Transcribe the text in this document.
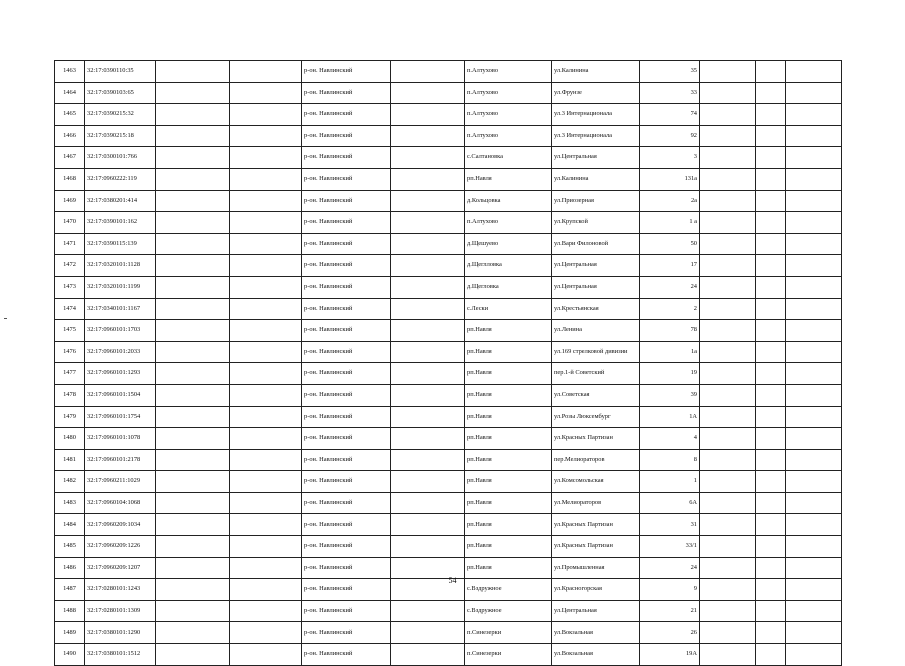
1463	32:17:0390110:35			р-он. Навлинский		п.Алтухово	ул.Калинина	35			
1464	32:17:0390103:65			р-он. Навлинский		п.Алтухово	ул.Фрунзе	33			
1465	32:17:0390215:32			р-он. Навлинский		п.Алтухово	ул.3 Интернационала	74			
1466	32:17:0390215:18			р-он. Навлинский		п.Алтухово	ул.3 Интернационала	92			
1467	32:17:0300101:766			р-он. Навлинский		с.Салтановка	ул.Центральная	3			
1468	32:17:0960222:119			р-он. Навлинский		рп.Навля	ул.Калинина	131а			
1469	32:17:0380201:414			р-он. Навлинский		д.Кольцовка	ул.Приозерная	2а			
1470	32:17:0390101:162			р-он. Навлинский		п.Алтухово	ул.Крупской	1 а			
1471	32:17:0390115:139			р-он. Навлинский		д.Щешуево	ул.Вари Филоновой	50			
1472	32:17:0320101:1128			р-он. Навлинский		д.Щеглловка	ул.Центральная	17			
1473	32:17:0320101:1199			р-он. Навлинский		д.Щегловка	ул.Центральная	24			
1474	32:17:0340101:1167			р-он. Навлинский		с.Лески	ул.Крестьянская	2			
1475	32:17:0960101:1703			р-он. Навлинский		рп.Навля	ул.Ленина	78			
1476	32:17:0960101:2033			р-он. Навлинский		рп.Навля	ул.169 стрелковой дивизии	1а			
1477	32:17:0960101:1293			р-он. Навлинский		рп.Навля	пер.1-й Советский	19			
1478	32:17:0960101:1504			р-он. Навлинский		рп.Навля	ул.Советская	39			
1479	32:17:0960101:1754			р-он. Навлинский		рп.Навля	ул.Розы Люксембург	1А			
1480	32:17:0960101:1078			р-он. Навлинский		рп.Навля	ул.Красных Партизан	4			
1481	32:17:0960101:2178			р-он. Навлинский		рп.Навля	пер.Мелиораторов	8			
1482	32:17:0960211:1029			р-он. Навлинский		рп.Навля	ул.Комсомольская	1			
1483	32:17:0960104:1068			р-он. Навлинский		рп.Навля	ул.Мелиораторов	6А			
1484	32:17:0960209:1034			р-он. Навлинский		рп.Навля	ул.Красных Партизан	31			
1485	32:17:0960209:1226			р-он. Навлинский		рп.Навля	ул.Красных Партизан	33/1			
1486	32:17:0960209:1207			р-он. Навлинский		рп.Навля	ул.Промышленная	24			
1487	32:17:0280101:1243			р-он. Навлинский		с.Вздружное	ул.Красногорская	9			
1488	32:17:0280101:1309			р-он. Навлинский		с.Вздружное	ул.Центральная	21			
1489	32:17:0380101:1290			р-он. Навлинский		п.Синезерки	ул.Вокзальная	26			
1490	32:17:0380101:1512			р-он. Навлинский		п.Синезерки	ул.Вокзальная	19А			
54
